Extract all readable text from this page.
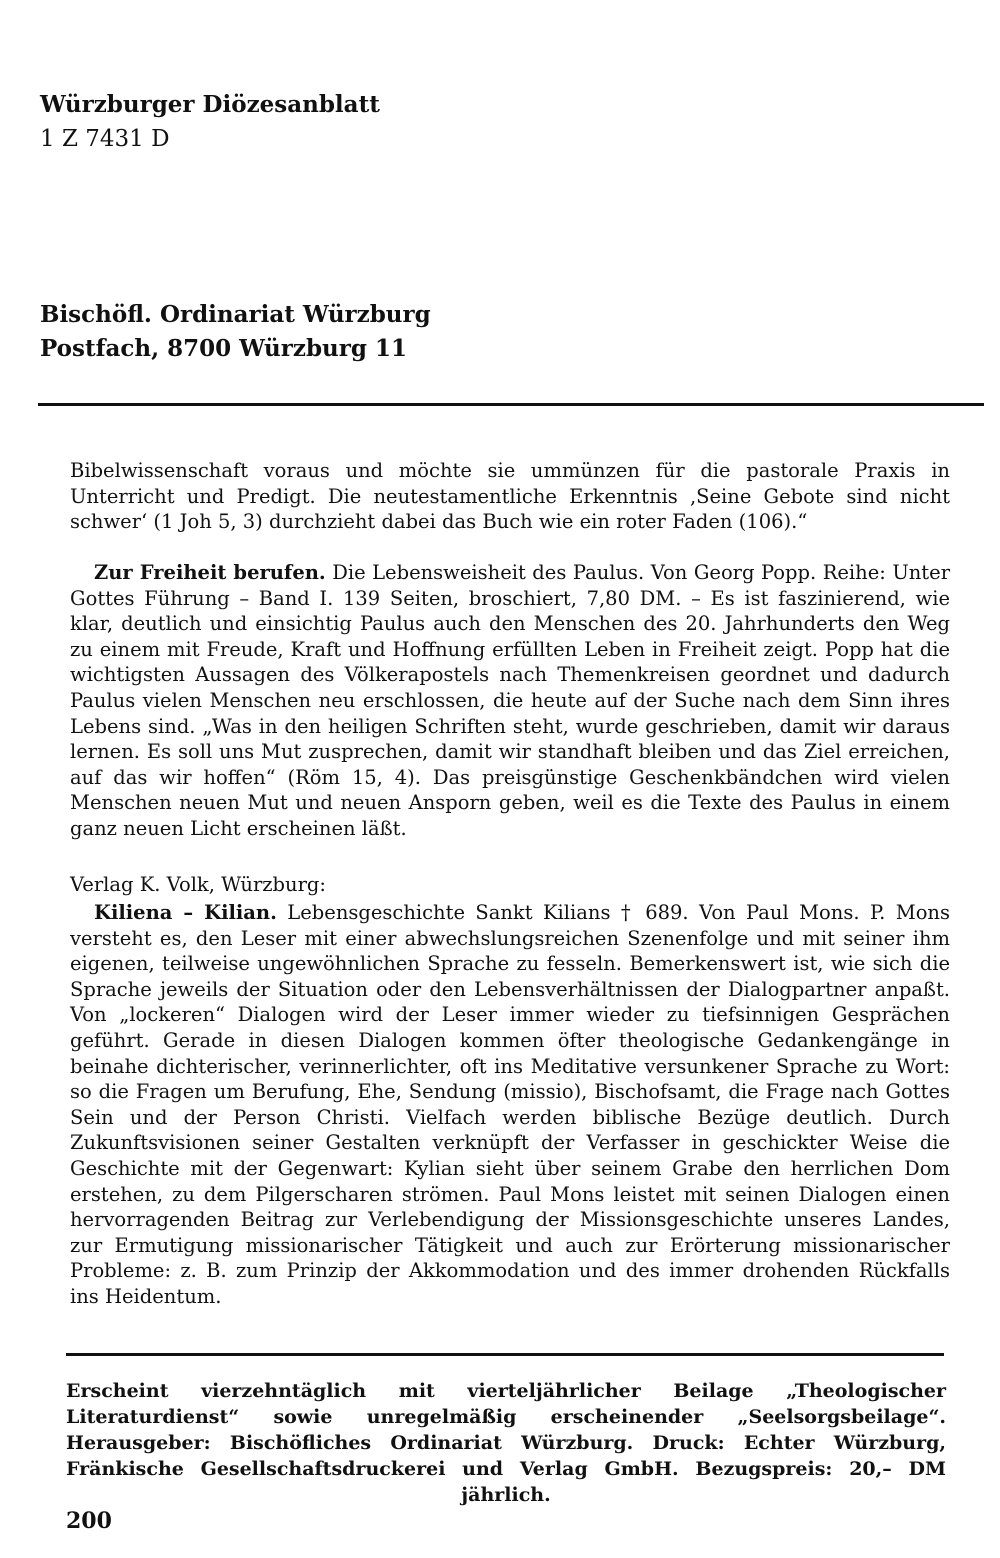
Würzburger Diözesanblatt
1 Z 7431 D
Bischöfl. Ordinariat Würzburg
Postfach, 8700 Würzburg 11

Bibelwissenschaft voraus und möchte sie ummünzen für die pastorale Praxis in Unterricht und Predigt. Die neutestamentliche Erkenntnis ‚Seine Gebote sind nicht schwer‘ (1 Joh 5, 3) durchzieht dabei das Buch wie ein roter Faden (106).“

Zur Freiheit berufen. Die Lebensweisheit des Paulus. Von Georg Popp. Reihe: Unter Gottes Führung – Band I. 139 Seiten, broschiert, 7,80 DM. – Es ist faszinierend, wie klar, deutlich und einsichtig Paulus auch den Menschen des 20. Jahrhunderts den Weg zu einem mit Freude, Kraft und Hoffnung erfüllten Leben in Freiheit zeigt. Popp hat die wichtigsten Aussagen des Völkerapostels nach Themenkreisen geordnet und dadurch Paulus vielen Menschen neu erschlossen, die heute auf der Suche nach dem Sinn ihres Lebens sind. „Was in den heiligen Schriften steht, wurde geschrieben, damit wir daraus lernen. Es soll uns Mut zusprechen, damit wir standhaft bleiben und das Ziel erreichen, auf das wir hoffen“ (Röm 15, 4). Das preisgünstige Geschenkbändchen wird vielen Menschen neuen Mut und neuen Ansporn geben, weil es die Texte des Paulus in einem ganz neuen Licht erscheinen läßt.

Verlag K. Volk, Würzburg:

Kiliena – Kilian. Lebensgeschichte Sankt Kilians † 689. Von Paul Mons. P. Mons versteht es, den Leser mit einer abwechslungsreichen Szenenfolge und mit seiner ihm eigenen, teilweise ungewöhnlichen Sprache zu fesseln. Bemerkenswert ist, wie sich die Sprache jeweils der Situation oder den Lebensverhältnissen der Dialogpartner anpaßt. Von „lockeren“ Dialogen wird der Leser immer wieder zu tiefsinnigen Gesprächen geführt. Gerade in diesen Dialogen kommen öfter theologische Gedankengänge in beinahe dichterischer, verinnerlichter, oft ins Meditative versunkener Sprache zu Wort: so die Fragen um Berufung, Ehe, Sendung (missio), Bischofsamt, die Frage nach Gottes Sein und der Person Christi. Vielfach werden biblische Bezüge deutlich. Durch Zukunftsvisionen seiner Gestalten verknüpft der Verfasser in geschickter Weise die Geschichte mit der Gegenwart: Kylian sieht über seinem Grabe den herrlichen Dom erstehen, zu dem Pilgerscharen strömen. Paul Mons leistet mit seinen Dialogen einen hervorragenden Beitrag zur Verlebendigung der Missionsgeschichte unseres Landes, zur Ermutigung missionarischer Tätigkeit und auch zur Erörterung missionarischer Probleme: z. B. zum Prinzip der Akkommodation und des immer drohenden Rückfalls ins Heidentum.

Erscheint vierzehntäglich mit vierteljährlicher Beilage „Theologischer Literaturdienst“ sowie unregelmäßig erscheinender „Seelsorgsbeilage“. Herausgeber: Bischöfliches Ordinariat Würzburg. Druck: Echter Würzburg, Fränkische Gesellschaftsdruckerei und Verlag GmbH. Bezugspreis: 20,– DM jährlich.
200
